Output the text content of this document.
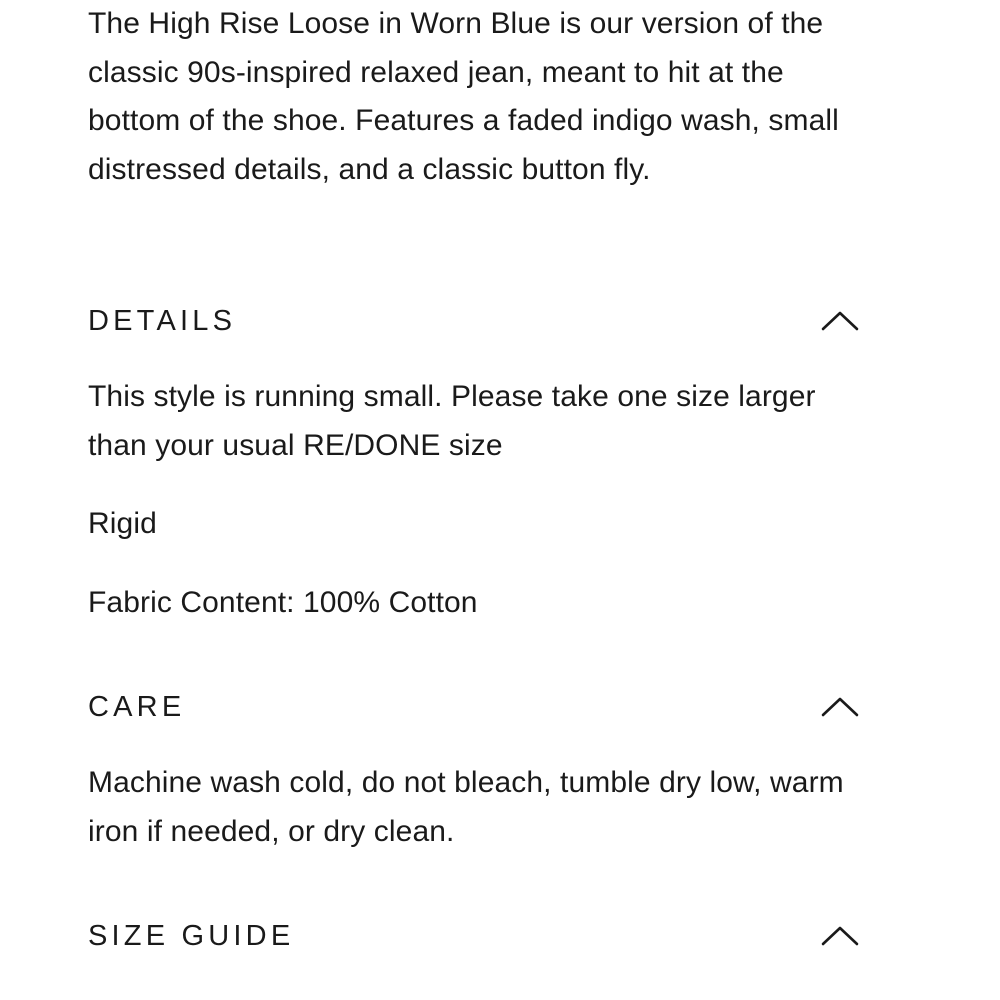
The High Rise Loose in Worn Blue is our version of the classic 90s-inspired relaxed jean, meant to hit at the bottom of the shoe. Features a faded indigo wash, small distressed details, and a classic button fly.

DETAILS

This style is running small. Please take one size larger than your usual RE/DONE size

Rigid

Fabric Content: 100% Cotton

CARE

Machine wash cold, do not bleach, tumble dry low, warm iron if needed, or dry clean.

SIZE GUIDE
